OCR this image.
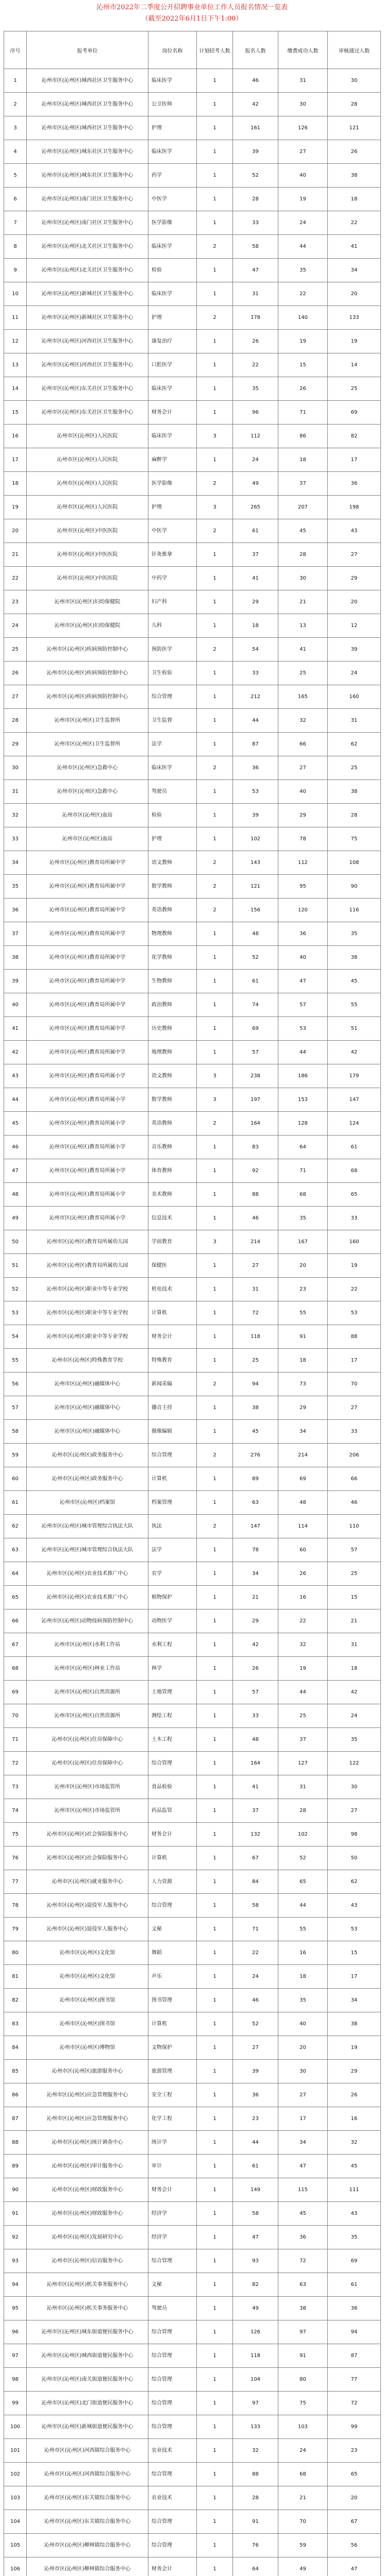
沁州市2022年二季度公开招聘事业单位工作人员报名情况一览表
（截至2022年6月1日下午1:00）
序号	报考单位	岗位名称	计划招考人数	报名人数	缴费成功人数	审核通过人数
1	沁州市区(沁州区)城西社区卫生服务中心	临床医学	1	46	31	30
2	沁州市区(沁州区)城西社区卫生服务中心	公卫医师	1	42	30	28
3	沁州市区(沁州区)城西社区卫生服务中心	护理	1	161	126	121
4	沁州市区(沁州区)城东社区卫生服务中心	临床医学	1	39	27	26
5	沁州市区(沁州区)城东社区卫生服务中心	药学	1	52	40	38
6	沁州市区(沁州区)南门社区卫生服务中心	中医学	1	28	19	18
7	沁州市区(沁州区)南门社区卫生服务中心	医学影像	1	33	24	22
8	沁州市区(沁州区)北关社区卫生服务中心	临床医学	2	58	44	41
9	沁州市区(沁州区)北关社区卫生服务中心	检验	1	47	35	34
10	沁州市区(沁州区)新城社区卫生服务中心	临床医学	1	31	22	20
11	沁州市区(沁州区)新城社区卫生服务中心	护理	2	178	140	133
12	沁州市区(沁州区)河西社区卫生服务中心	康复治疗	1	26	19	19
13	沁州市区(沁州区)河西社区卫生服务中心	口腔医学	1	22	15	14
14	沁州市区(沁州区)东关社区卫生服务中心	临床医学	1	35	26	25
15	沁州市区(沁州区)东关社区卫生服务中心	财务会计	1	96	71	69
16	沁州市区(沁州区)人民医院	临床医学	3	112	86	82
17	沁州市区(沁州区)人民医院	麻醉学	1	24	18	17
18	沁州市区(沁州区)人民医院	医学影像	2	49	37	36
19	沁州市区(沁州区)人民医院	护理	3	265	207	198
20	沁州市区(沁州区)中医医院	中医学	2	61	45	43
21	沁州市区(沁州区)中医医院	针灸推拿	1	37	28	27
22	沁州市区(沁州区)中医医院	中药学	1	41	30	29
23	沁州市区(沁州区)妇幼保健院	妇产科	1	29	21	20
24	沁州市区(沁州区)妇幼保健院	儿科	1	18	13	12
25	沁州市区(沁州区)疾病预防控制中心	预防医学	2	54	41	39
26	沁州市区(沁州区)疾病预防控制中心	卫生检验	1	33	25	24
27	沁州市区(沁州区)疾病预防控制中心	综合管理	1	212	165	160
28	沁州市区(沁州区)卫生监督所	卫生监督	1	44	32	31
29	沁州市区(沁州区)卫生监督所	法学	1	87	66	62
30	沁州市区(沁州区)急救中心	临床医学	2	36	27	25
31	沁州市区(沁州区)急救中心	驾驶员	1	53	40	38
32	沁州市区(沁州区)血站	检验	1	39	29	28
33	沁州市区(沁州区)血站	护理	1	102	78	75
34	沁州市区(沁州区)教育局所属中学	语文教师	2	143	112	108
35	沁州市区(沁州区)教育局所属中学	数学教师	2	121	95	90
36	沁州市区(沁州区)教育局所属中学	英语教师	2	156	120	116
37	沁州市区(沁州区)教育局所属中学	物理教师	1	48	36	35
38	沁州市区(沁州区)教育局所属中学	化学教师	1	52	40	38
39	沁州市区(沁州区)教育局所属中学	生物教师	1	61	47	45
40	沁州市区(沁州区)教育局所属中学	政治教师	1	74	57	55
41	沁州市区(沁州区)教育局所属中学	历史教师	1	69	53	51
42	沁州市区(沁州区)教育局所属中学	地理教师	1	57	44	42
43	沁州市区(沁州区)教育局所属小学	语文教师	3	238	186	179
44	沁州市区(沁州区)教育局所属小学	数学教师	3	197	153	147
45	沁州市区(沁州区)教育局所属小学	英语教师	2	164	128	124
46	沁州市区(沁州区)教育局所属小学	音乐教师	1	83	64	61
47	沁州市区(沁州区)教育局所属小学	体育教师	1	92	71	68
48	沁州市区(沁州区)教育局所属小学	美术教师	1	88	68	65
49	沁州市区(沁州区)教育局所属小学	信息技术	1	46	35	33
50	沁州市区(沁州区)教育局所属幼儿园	学前教育	3	214	167	160
51	沁州市区(沁州区)教育局所属幼儿园	保健医	1	27	20	19
52	沁州市区(沁州区)职业中等专业学校	机电技术	1	31	23	22
53	沁州市区(沁州区)职业中等专业学校	计算机	1	72	55	53
54	沁州市区(沁州区)职业中等专业学校	财务会计	1	118	91	88
55	沁州市区(沁州区)特殊教育学校	特殊教育	1	25	18	17
56	沁州市区(沁州区)融媒体中心	新闻采编	2	94	73	70
57	沁州市区(沁州区)融媒体中心	播音主持	1	38	29	27
58	沁州市区(沁州区)融媒体中心	摄像编辑	1	45	34	33
59	沁州市区(沁州区)政务服务中心	综合管理	2	276	214	206
60	沁州市区(沁州区)政务服务中心	计算机	1	89	69	66
61	沁州市区(沁州区)档案馆	档案管理	1	63	48	46
62	沁州市区(沁州区)城市管理综合执法大队	执法	2	147	114	110
63	沁州市区(沁州区)城市管理综合执法大队	法学	1	78	60	57
64	沁州市区(沁州区)农业技术推广中心	农学	1	34	26	25
65	沁州市区(沁州区)农业技术推广中心	植物保护	1	21	16	15
66	沁州市区(沁州区)动物疫病预防控制中心	动物医学	1	29	22	21
67	沁州市区(沁州区)水利工作站	水利工程	1	42	32	31
68	沁州市区(沁州区)林业工作站	林学	1	26	19	18
69	沁州市区(沁州区)自然资源所	土地管理	1	57	44	42
70	沁州市区(沁州区)自然资源所	测绘工程	1	33	25	24
71	沁州市区(沁州区)住房保障中心	土木工程	1	48	37	35
72	沁州市区(沁州区)住房保障中心	综合管理	1	164	127	122
73	沁州市区(沁州区)市场监管所	食品检验	1	41	31	30
74	沁州市区(沁州区)市场监管所	药品监管	1	37	28	27
75	沁州市区(沁州区)社会保险服务中心	财务会计	1	132	102	98
76	沁州市区(沁州区)社会保险服务中心	计算机	1	67	52	50
77	沁州市区(沁州区)就业服务中心	人力资源	1	84	65	62
78	沁州市区(沁州区)退役军人服务中心	综合管理	1	58	44	43
79	沁州市区(沁州区)退役军人服务中心	文秘	1	71	55	53
80	沁州市区(沁州区)文化馆	舞蹈	1	22	16	15
81	沁州市区(沁州区)文化馆	声乐	1	24	18	17
82	沁州市区(沁州区)图书馆	图书管理	1	46	35	34
83	沁州市区(沁州区)图书馆	计算机	1	52	40	38
84	沁州市区(沁州区)博物馆	文物保护	1	27	20	19
85	沁州市区(沁州区)旅游服务中心	旅游管理	1	39	30	29
86	沁州市区(沁州区)应急管理服务中心	安全工程	1	36	27	26
87	沁州市区(沁州区)应急管理服务中心	化学工程	1	23	17	16
88	沁州市区(沁州区)统计调查中心	统计学	1	44	34	32
89	沁州市区(沁州区)审计服务中心	审计	1	61	47	45
90	沁州市区(沁州区)财政服务中心	财务会计	1	149	115	111
91	沁州市区(沁州区)财政服务中心	经济学	1	58	45	43
92	沁州市区(沁州区)发展研究中心	经济学	1	47	36	35
93	沁州市区(沁州区)信访服务中心	综合管理	1	93	72	69
94	沁州市区(沁州区)机关事务服务中心	文秘	1	82	63	61
95	沁州市区(沁州区)机关事务服务中心	驾驶员	1	49	38	36
96	沁州市区(沁州区)城东街道便民服务中心	综合管理	1	126	97	94
97	沁州市区(沁州区)城西街道便民服务中心	综合管理	1	118	91	87
98	沁州市区(沁州区)南关街道便民服务中心	综合管理	1	104	80	77
99	沁州市区(沁州区)北门街道便民服务中心	综合管理	1	97	75	72
100	沁州市区(沁州区)新城街道便民服务中心	综合管理	1	133	103	99
101	沁州市区(沁州区)河西镇综合服务中心	农业技术	1	32	24	23
102	沁州市区(沁州区)河西镇综合服务中心	综合管理	1	88	68	65
103	沁州市区(沁州区)东关镇综合服务中心	农业技术	1	28	21	20
104	沁州市区(沁州区)东关镇综合服务中心	综合管理	1	91	70	67
105	沁州市区(沁州区)柳林镇综合服务中心	综合管理	1	76	59	56
106	沁州市区(沁州区)柳林镇综合服务中心	财务会计	1	64	49	47
